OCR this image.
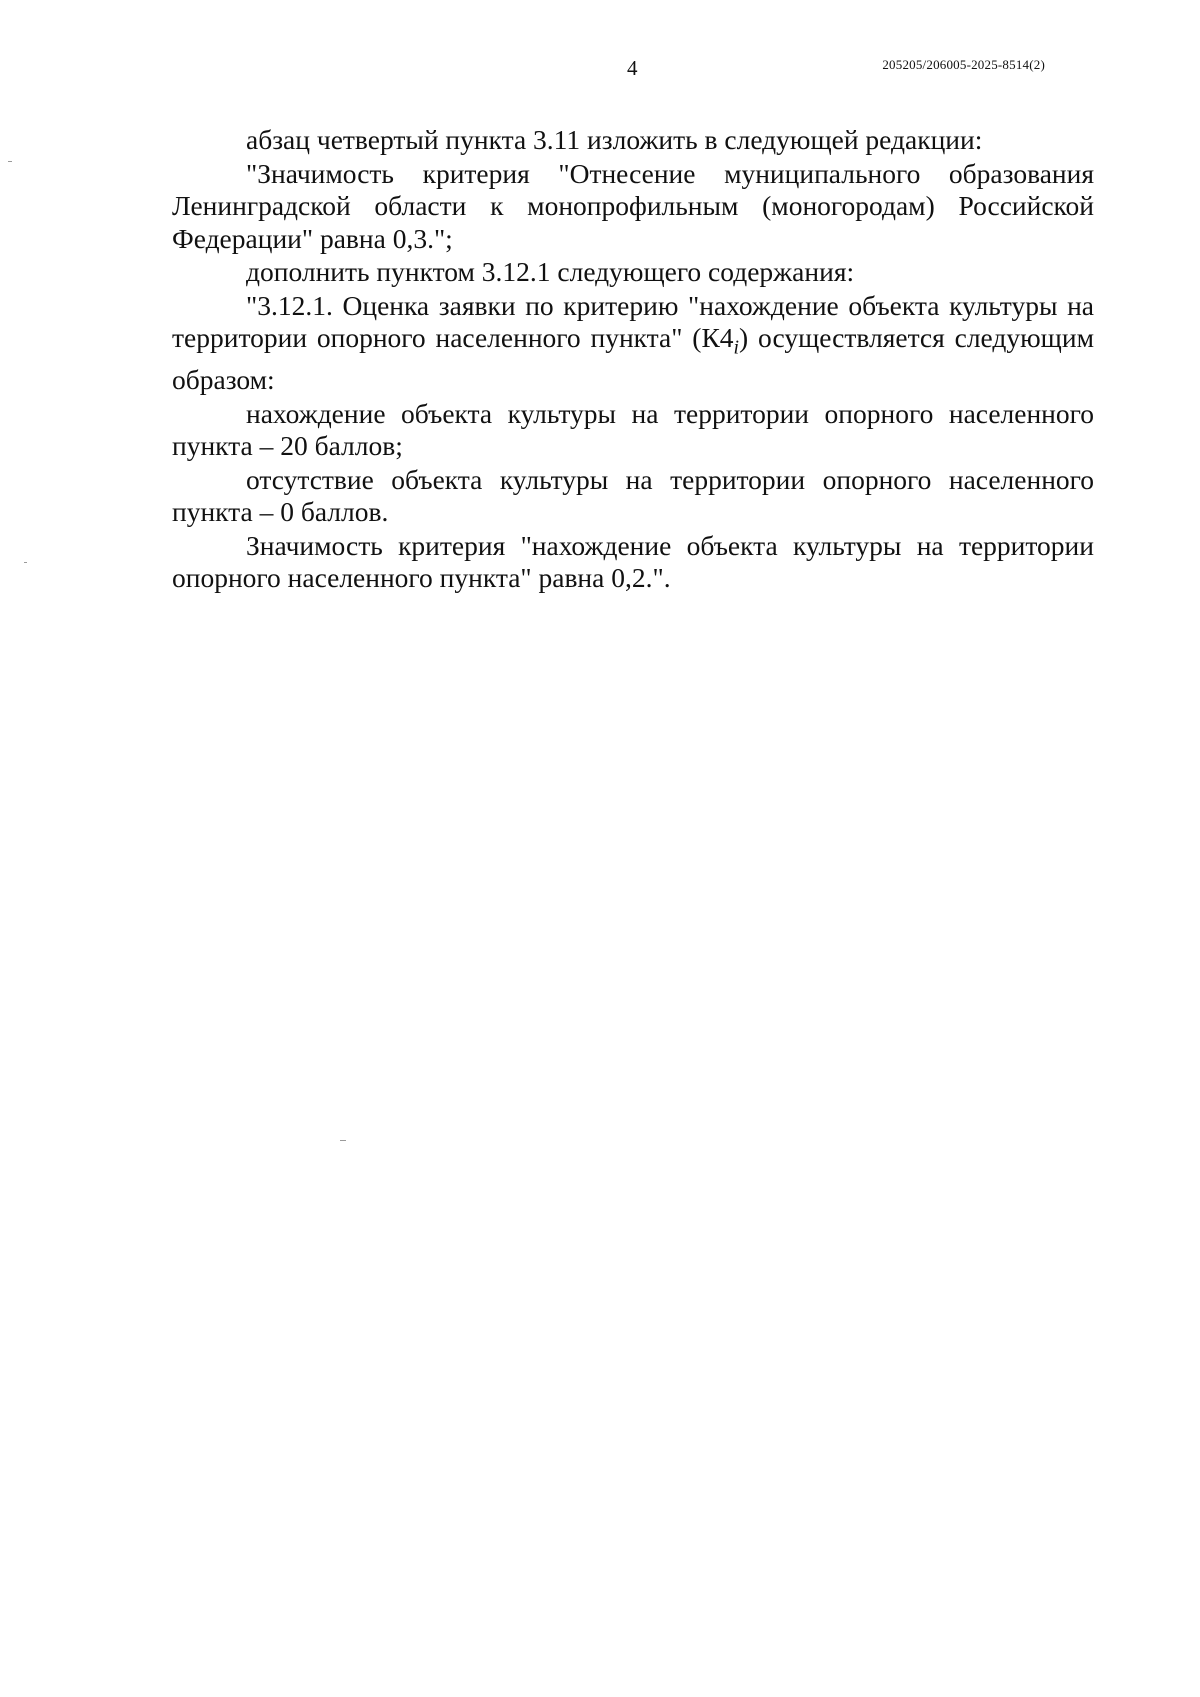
4	205205/206005-2025-8514(2)

абзац четвертый пункта 3.11 изложить в следующей редакции:

"Значимость критерия "Отнесение муниципального образования Ленинградской области к монопрофильным (моногородам) Российской Федерации" равна 0,3.";

дополнить пунктом 3.12.1 следующего содержания:

"3.12.1. Оценка заявки по критерию "нахождение объекта культуры на территории опорного населенного пункта" $(К4_i)$ осуществляется следующим образом:

нахождение объекта культуры на территории опорного населенного пункта – 20 баллов;

отсутствие объекта культуры на территории опорного населенного пункта – 0 баллов.

Значимость критерия "нахождение объекта культуры на территории опорного населенного пункта" равна 0,2.".
